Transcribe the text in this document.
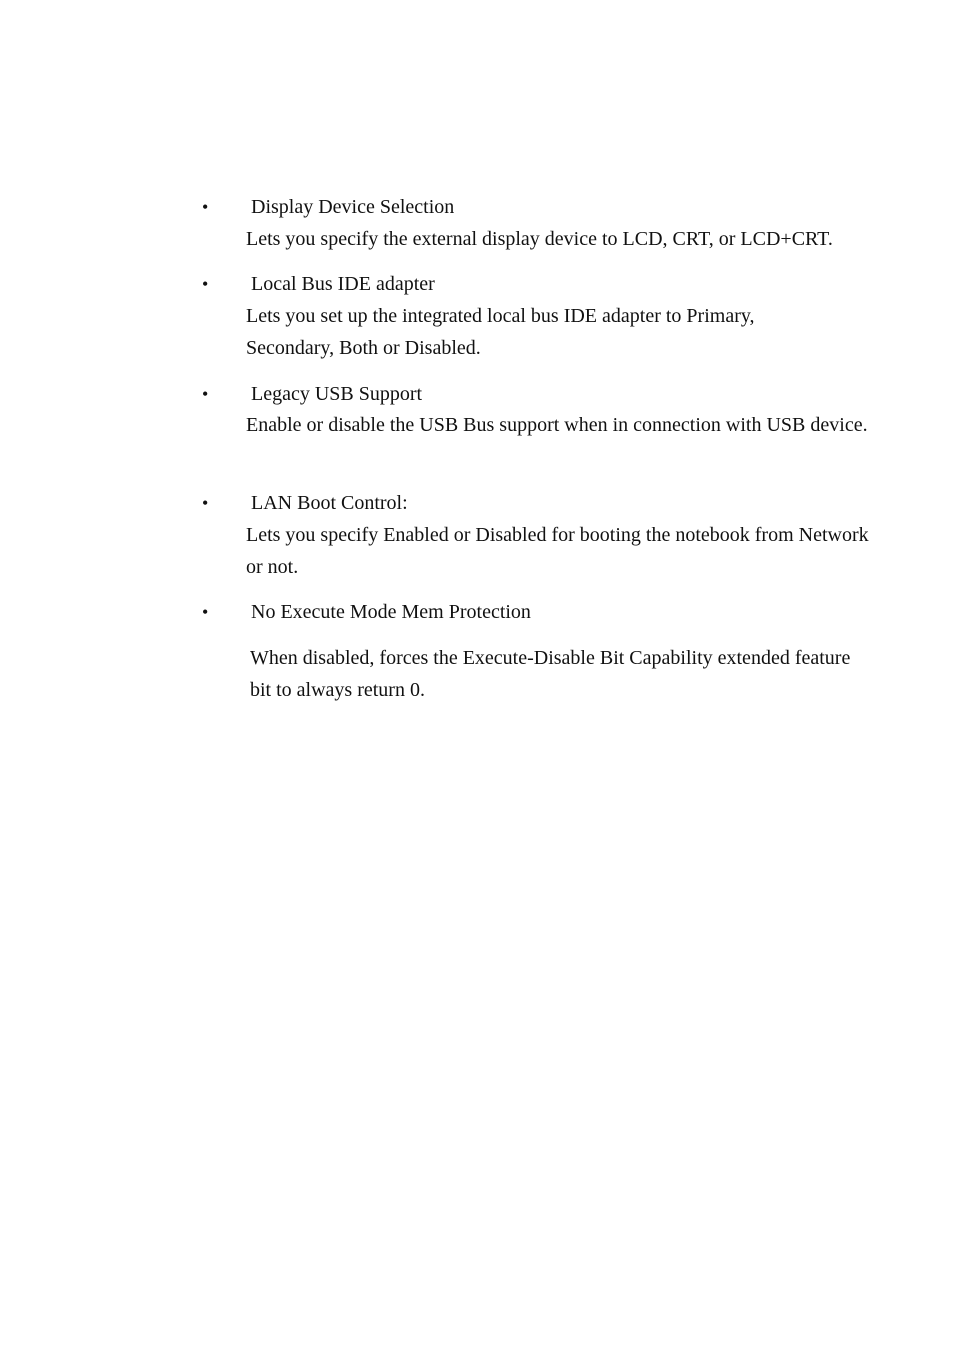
• Display Device Selection
Lets you specify the external display device to LCD, CRT, or LCD+CRT.
• Local Bus IDE adapter
Lets you set up the integrated local bus IDE adapter to Primary, Secondary, Both or Disabled.
• Legacy USB Support
Enable or disable the USB Bus support when in connection with USB device.
• LAN Boot Control:
Lets you specify Enabled or Disabled for booting the notebook from Network or not.
• No Execute Mode Mem Protection
When disabled, forces the Execute-Disable Bit Capability extended feature bit to always return 0.
